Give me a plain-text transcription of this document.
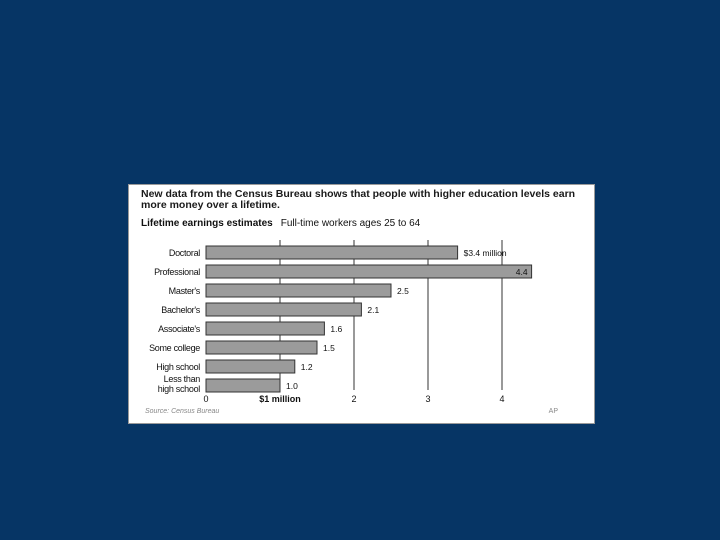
New data from the Census Bureau shows that people with higher education levels earn more money over a lifetime.
Lifetime earnings estimates Full-time workers ages 25 to 64
Doctoral	$3.4 million
Professional	4.4
Master's	2.5
Bachelor's	2.1
Associate's	1.6
Some college	1.5
High school	1.2
Less than high school	1.0
0	$1 million	2	3	4
Source: Census Bureau	AP
